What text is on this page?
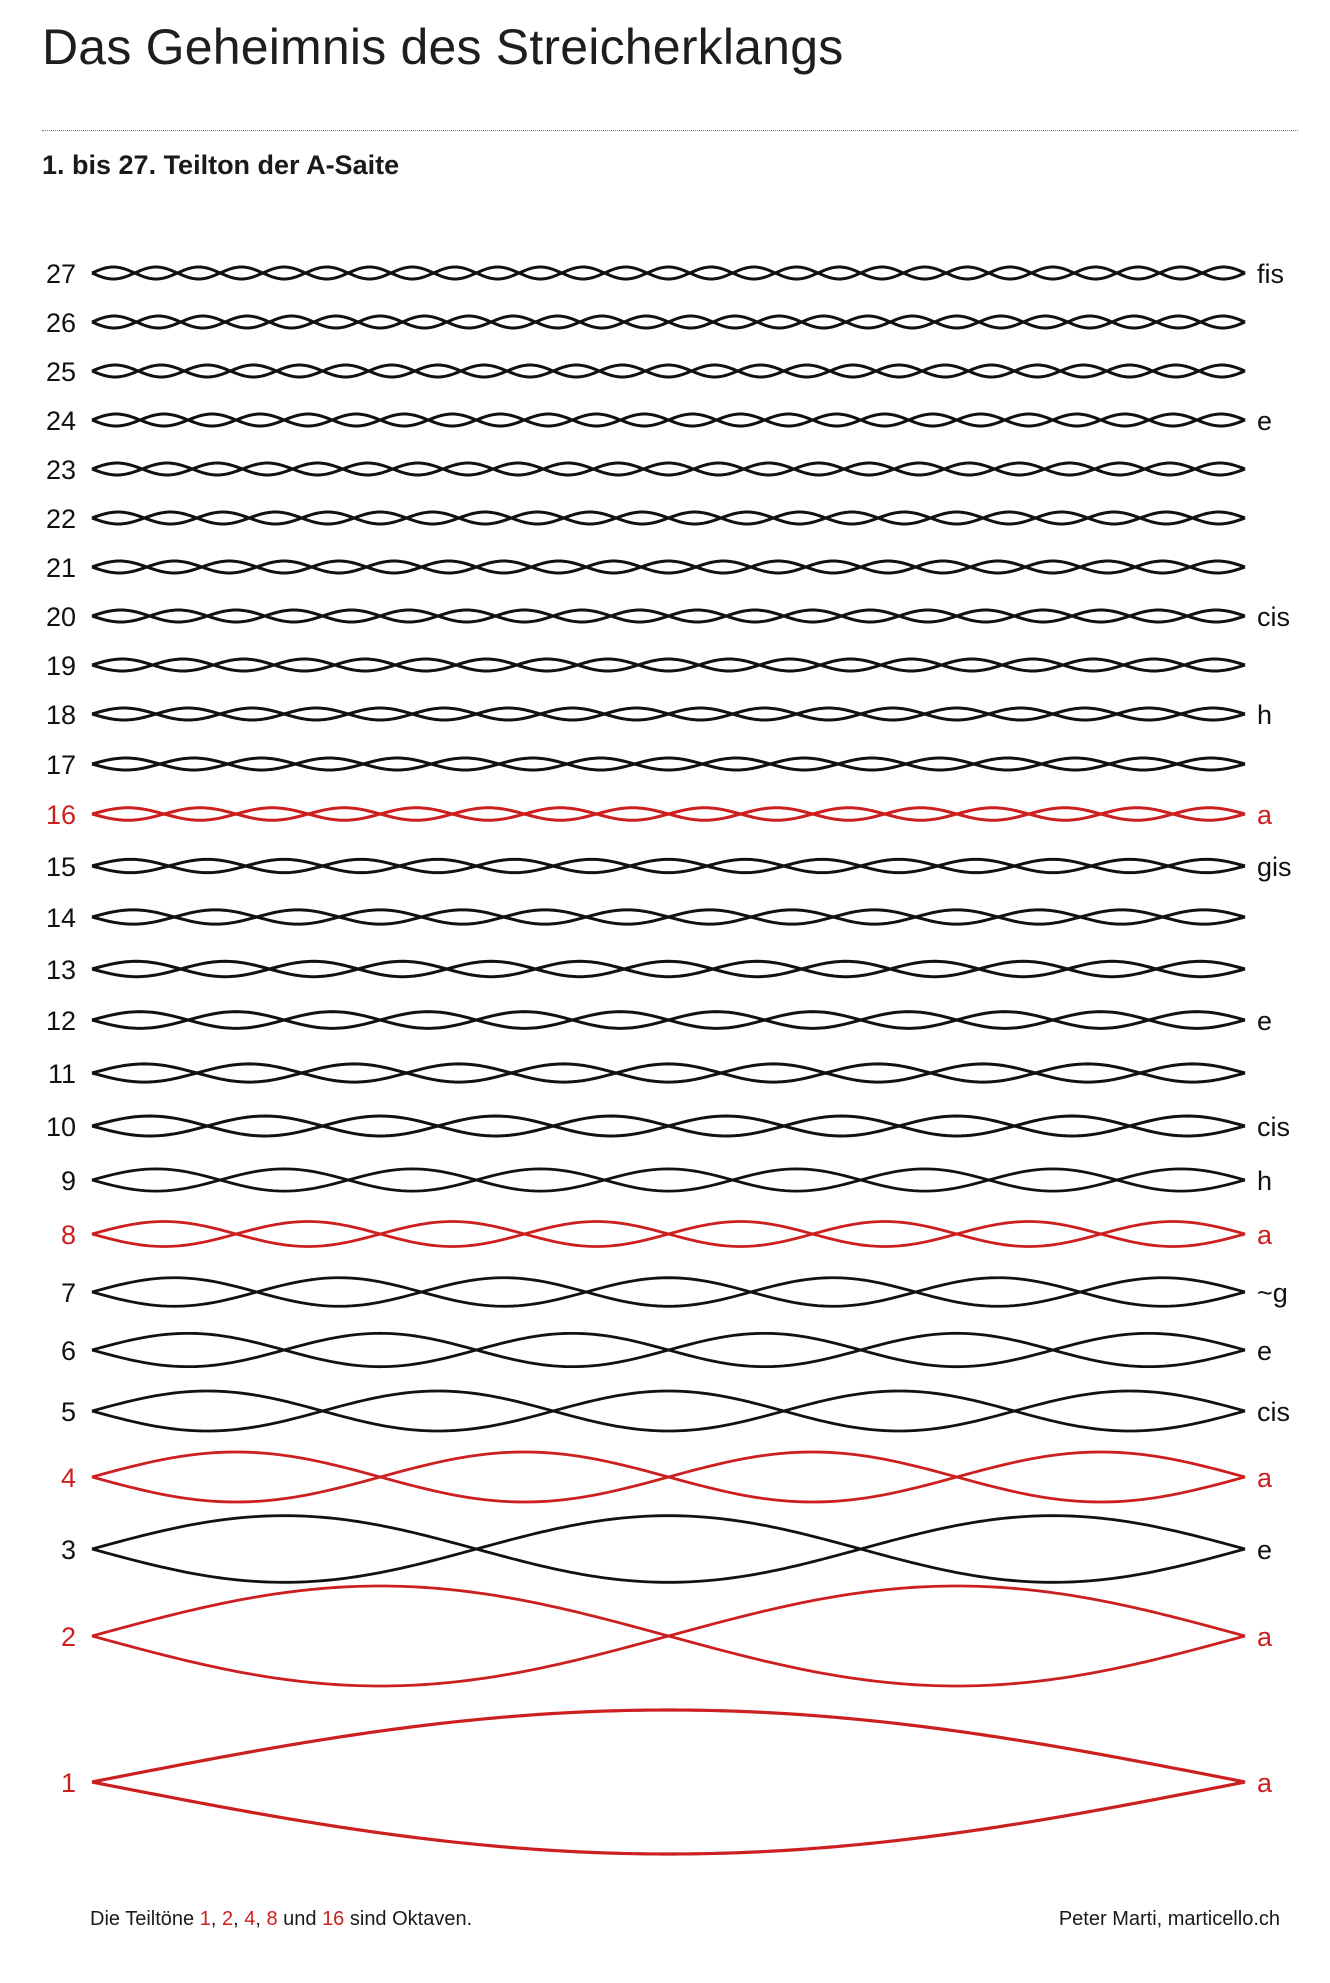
Das Geheimnis des Streicherklangs
1. bis 27. Teilton der A-Saite
27	fis
26
25
24	e
23
22
21
20	cis
19
18	h
17
16	a
15	gis
14
13
12	e
11
10	cis
9	h
8	a
7	~g
6	e
5	cis
4	a
3	e
2	a
1	a
Die Teiltöne 1, 2, 4, 8 und 16 sind Oktaven.	Peter Marti, marticello.ch
